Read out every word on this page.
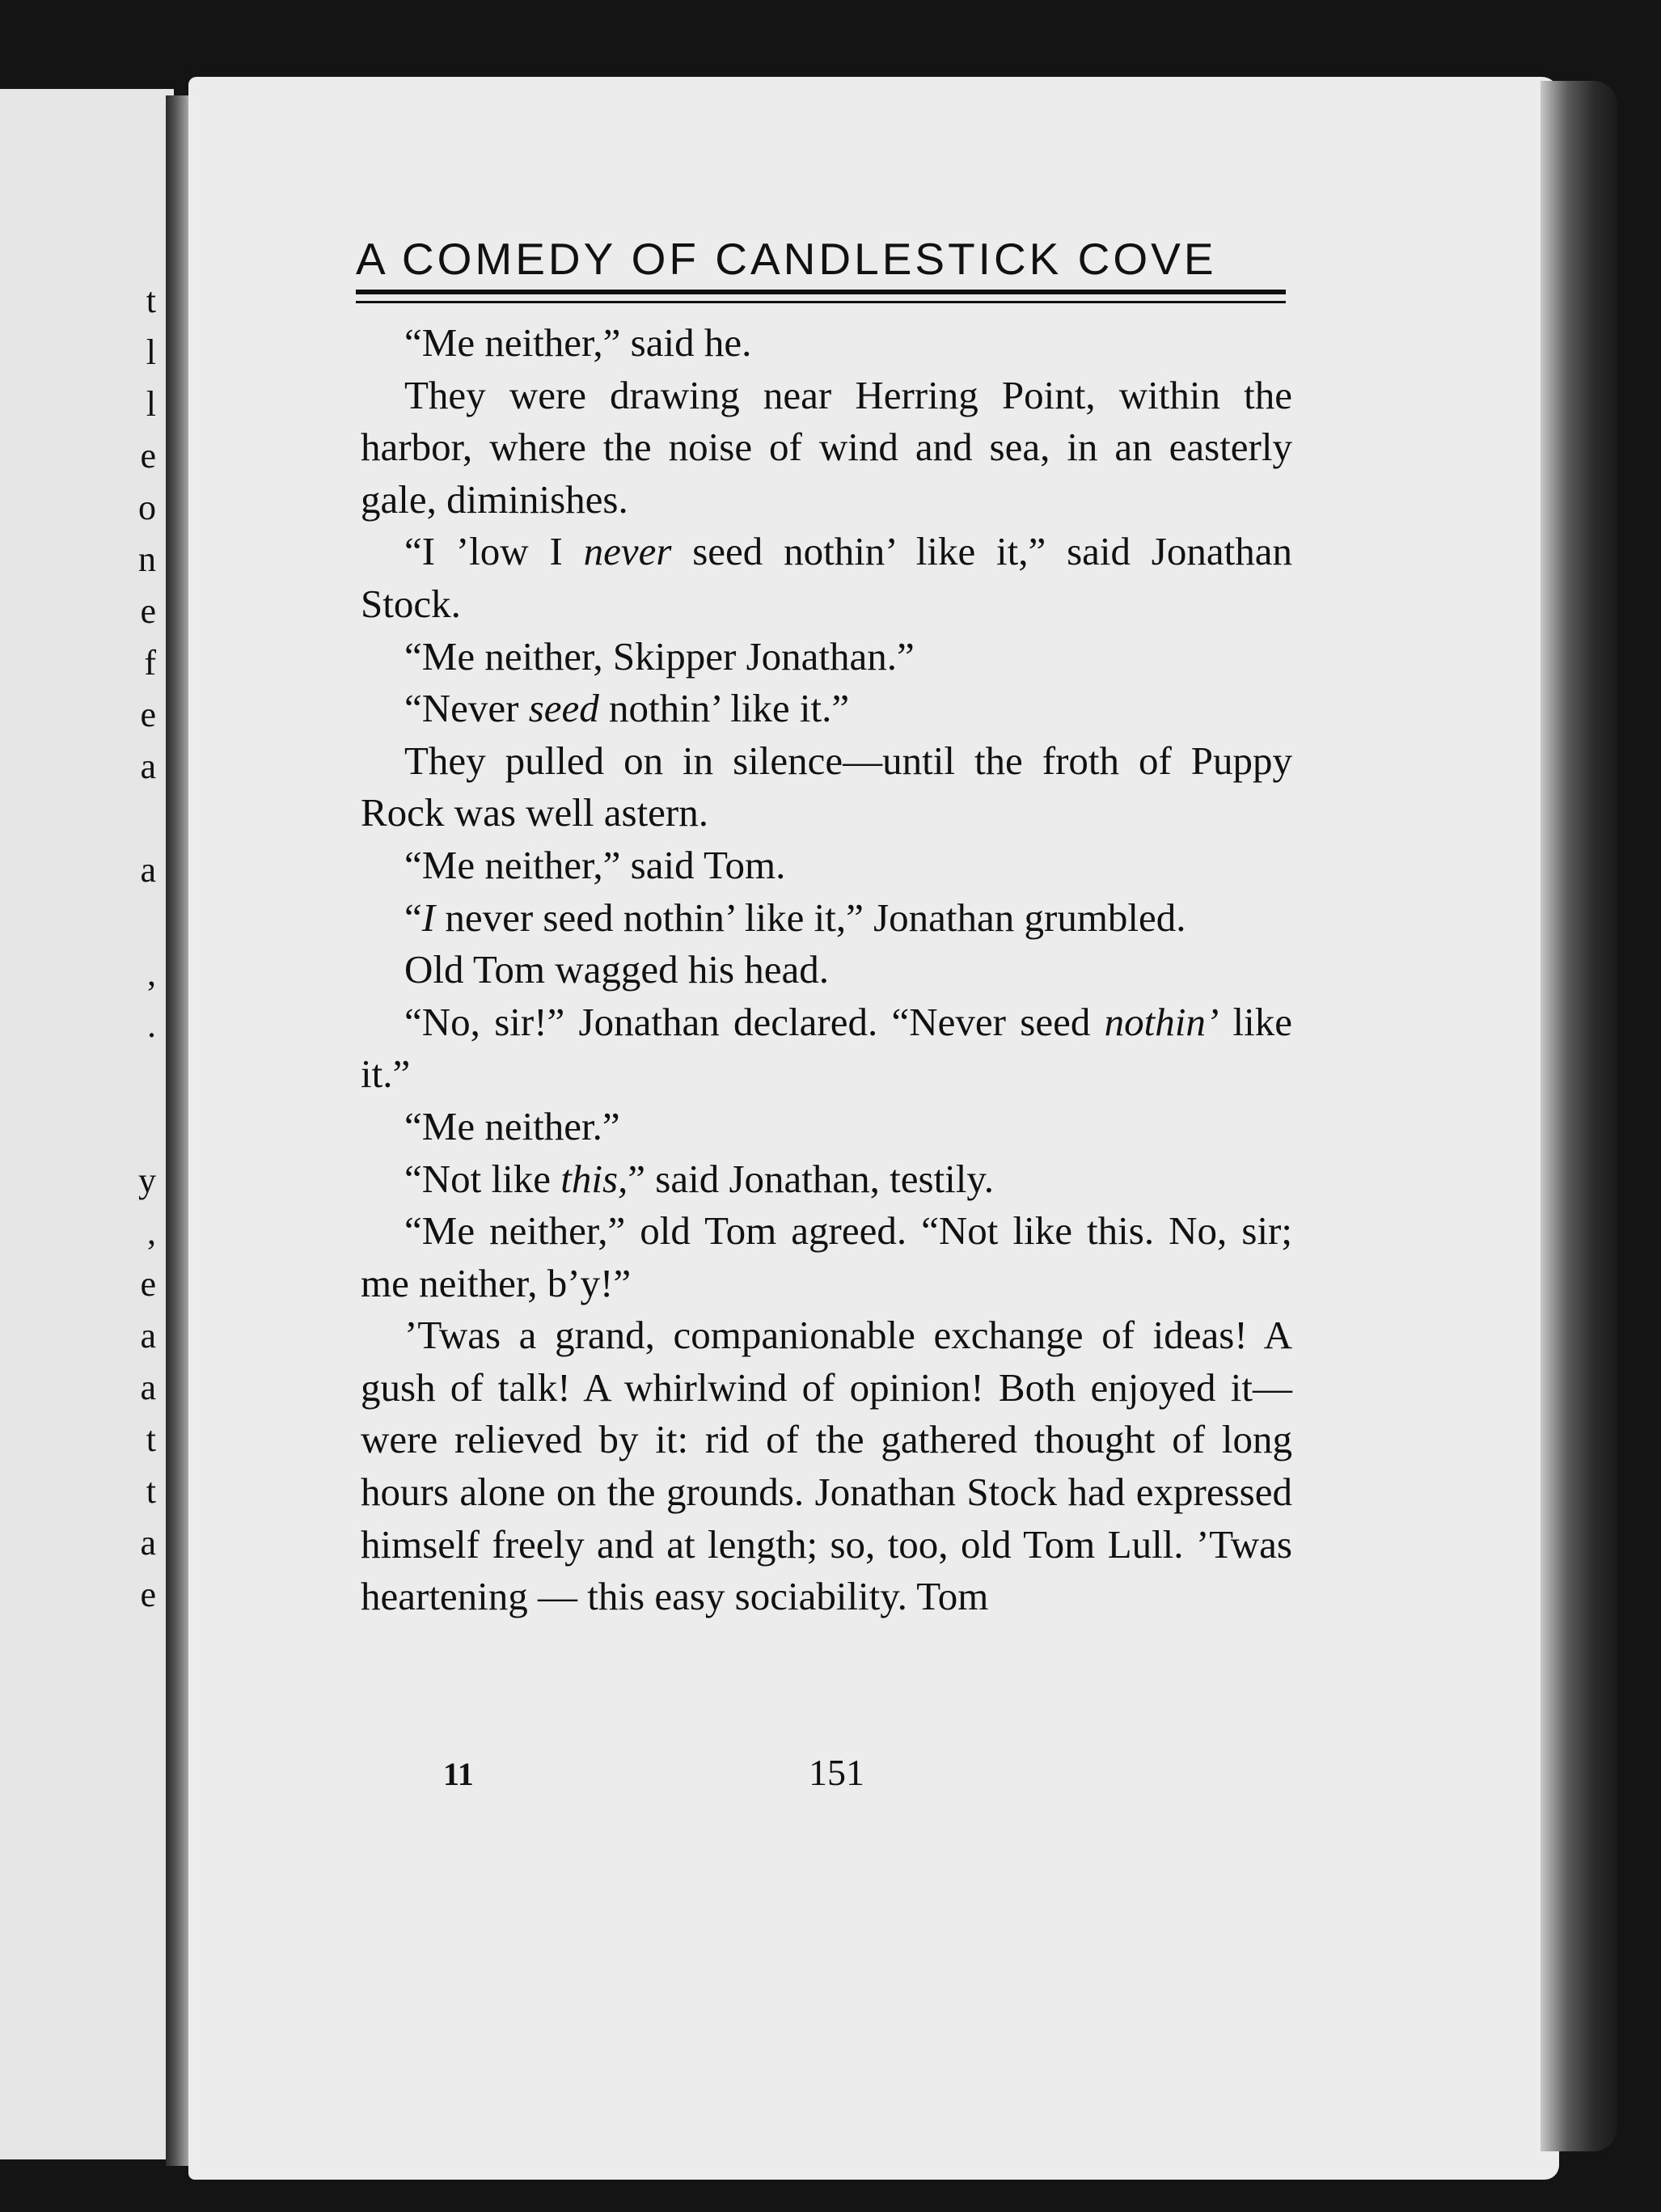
t
l
l
e
o
n
e
f
e
a
a
,
.
y
,
e
a
a
t
t
a
e
A COMEDY OF CANDLESTICK COVE

“Me neither,” said he.

They were drawing near Herring Point, within the harbor, where the noise of wind and sea, in an easterly gale, diminishes.

“I ’low I never seed nothin’ like it,” said Jonathan Stock.

“Me neither, Skipper Jonathan.”

“Never seed nothin’ like it.”

They pulled on in silence—until the froth of Puppy Rock was well astern.

“Me neither,” said Tom.

“I never seed nothin’ like it,” Jonathan grumbled.

Old Tom wagged his head.

“No, sir!” Jonathan declared. “Never seed nothin’ like it.”

“Me neither.”

“Not like this,” said Jonathan, testily.

“Me neither,” old Tom agreed. “Not like this. No, sir; me neither, b’y!”

’Twas a grand, companionable exchange of ideas! A gush of talk! A whirlwind of opinion! Both enjoyed it—were relieved by it: rid of the gathered thought of long hours alone on the grounds. Jonathan Stock had expressed himself freely and at length; so, too, old Tom Lull. ’Twas heartening — this easy sociability. Tom

11	151
